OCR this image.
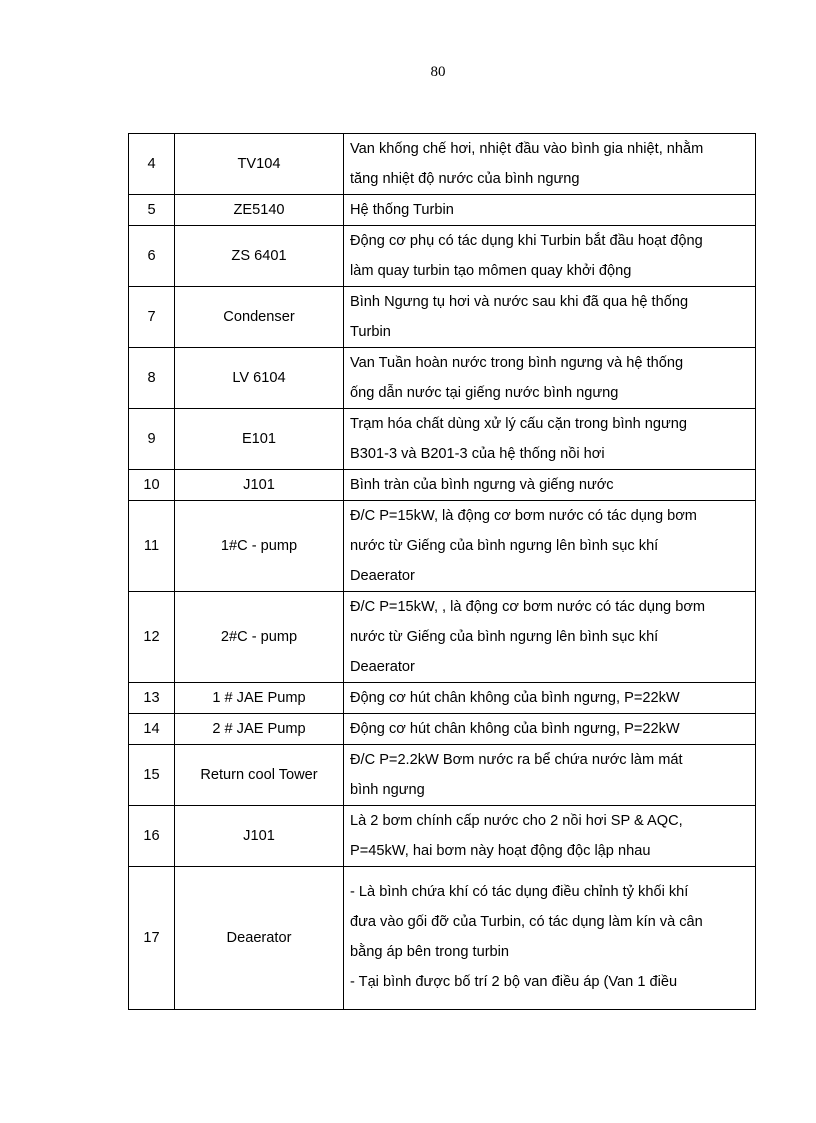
80
4	TV104	Van khống chế hơi, nhiệt đầu vào bình gia nhiệt, nhằm
tăng nhiệt độ nước của bình ngưng

5	ZE5140	Hệ thống Turbin

6	ZS 6401	Động cơ phụ có tác dụng khi Turbin bắt đầu hoạt động
làm quay turbin tạo mômen quay khởi động

7	Condenser	Bình Ngưng tụ hơi và nước sau khi đã qua hệ thống
Turbin

8	LV 6104	Van Tuần hoàn nước trong bình ngưng và hệ thống
ống dẫn nước tại giếng nước bình ngưng

9	E101	Trạm hóa chất dùng xử lý cấu cặn trong bình ngưng
B301-3 và B201-3 của hệ thống nồi hơi

10	J101	Bình tràn của bình ngưng và giếng nước

11	1#C - pump	Đ/C P=15kW, là động cơ bơm nước có tác dụng bơm
nước từ Giếng của bình ngưng lên bình sục khí
Deaerator

12	2#C - pump	Đ/C P=15kW, , là động cơ bơm nước có tác dụng bơm
nước từ Giếng của bình ngưng lên bình sục khí
Deaerator

13	1 # JAE Pump	Động cơ hút chân không của bình ngưng, P=22kW

14	2 # JAE Pump	Động cơ hút chân không của bình ngưng, P=22kW

15	Return cool Tower	Đ/C P=2.2kW Bơm nước ra bể chứa nước làm mát
bình ngưng

16	J101	Là 2 bơm chính cấp nước cho 2 nồi hơi SP & AQC,
P=45kW, hai bơm này hoạt động độc lập nhau

17	Deaerator	- Là bình chứa khí có tác dụng điều chỉnh tỷ khối khí
đưa vào gối đỡ của Turbin, có tác dụng làm kín và cân
bằng áp bên trong turbin
- Tại bình được bố trí 2 bộ van điều áp (Van 1 điều
